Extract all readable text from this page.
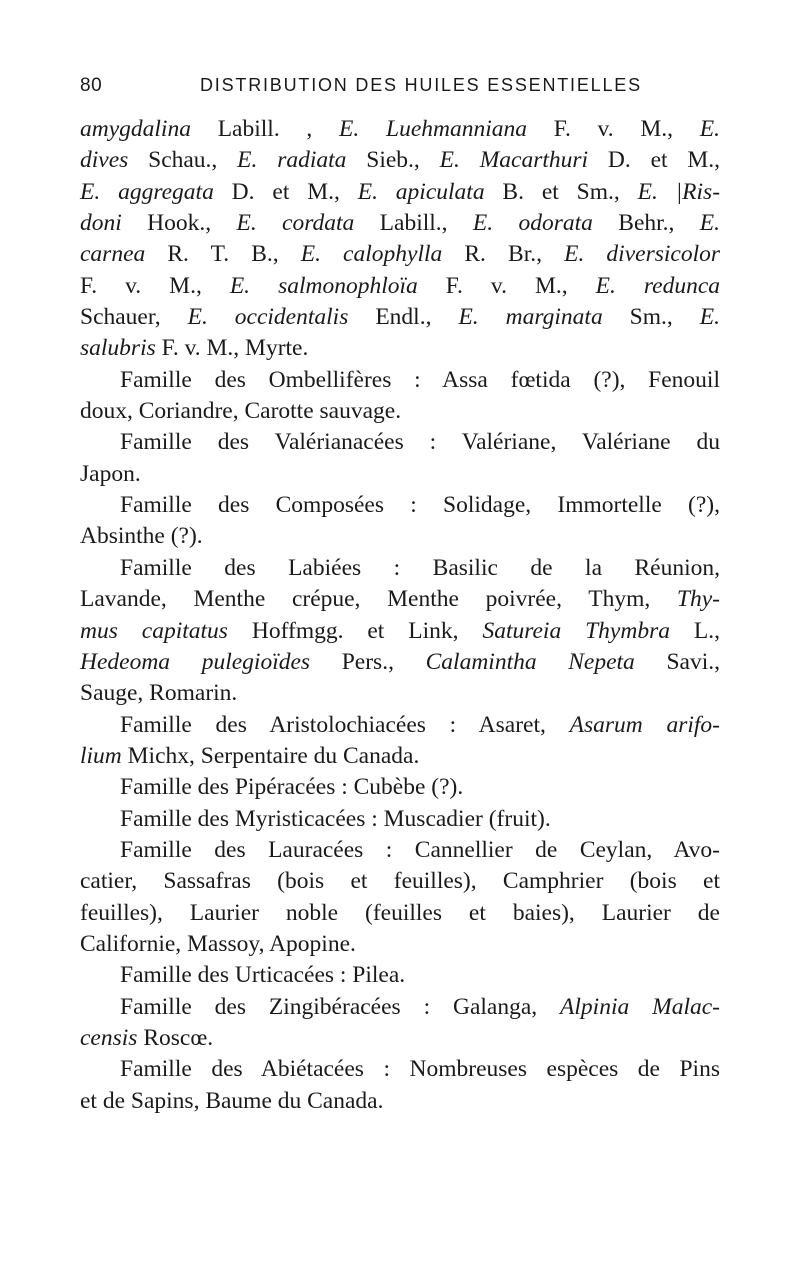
80	DISTRIBUTION DES HUILES ESSENTIELLES
amygdalina Labill. , E. Luehmanniana F. v. M., E.
dives Schau., E. radiata Sieb., E. Macarthuri D. et M.,
E. aggregata D. et M., E. apiculata B. et Sm., E. |Ris-
doni Hook., E. cordata Labill., E. odorata Behr., E.
carnea R. T. B., E. calophylla R. Br., E. diversicolor
F. v. M., E. salmonophloïa F. v. M., E. redunca
Schauer, E. occidentalis Endl., E. marginata Sm., E.
salubris F. v. M., Myrte.
Famille des Ombellifères : Assa fœtida (?), Fenouil
doux, Coriandre, Carotte sauvage.
Famille des Valérianacées : Valériane, Valériane du
Japon.
Famille des Composées : Solidage, Immortelle (?),
Absinthe (?).
Famille des Labiées : Basilic de la Réunion,
Lavande, Menthe crépue, Menthe poivrée, Thym, Thy-
mus capitatus Hoffmgg. et Link, Satureia Thymbra L.,
Hedeoma pulegioïdes Pers., Calamintha Nepeta Savi.,
Sauge, Romarin.
Famille des Aristolochiacées : Asaret, Asarum arifo-
lium Michx, Serpentaire du Canada.
Famille des Pipéracées : Cubèbe (?).
Famille des Myristicacées : Muscadier (fruit).
Famille des Lauracées : Cannellier de Ceylan, Avo-
catier, Sassafras (bois et feuilles), Camphrier (bois et
feuilles), Laurier noble (feuilles et baies), Laurier de
Californie, Massoy, Apopine.
Famille des Urticacées : Pilea.
Famille des Zingibéracées : Galanga, Alpinia Malac-
censis Roscœ.
Famille des Abiétacées : Nombreuses espèces de Pins
et de Sapins, Baume du Canada.
